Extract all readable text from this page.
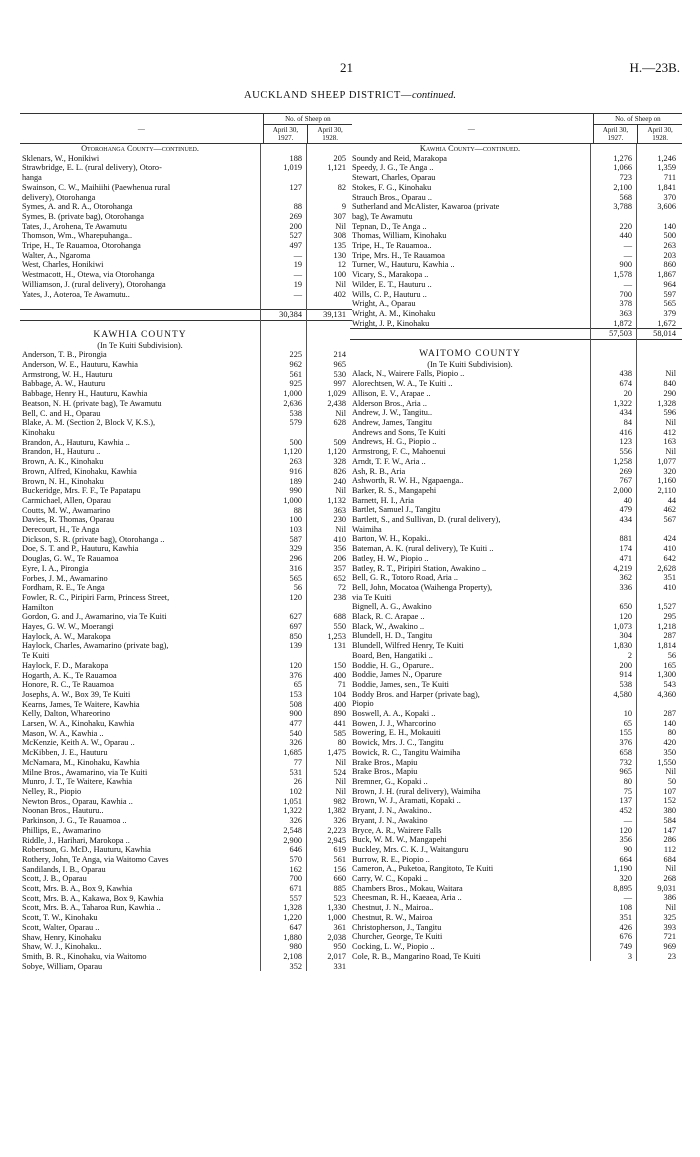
21	H.—23B.
AUCKLAND SHEEP DISTRICT—continued.
—	No. of Sheep on	
	April 30, 1927.	April 30, 1928.
Otorohanga County—continued.
Sklenars, W., Honikiwi	188	205
Strawbridge, E. L. (rural delivery), Otoro-	1,019	1,121
hanga
Swainson, C. W., Maihiihi (Paewhenua rural	127	82
delivery), Otorohanga
Symes, A. and R. A., Otorohanga	88	9
Symes, B. (private bag), Otorohanga	269	307
Tates, J., Arohena, Te Awamutu	200	Nil
Thomson, Wm., Wharepuhanga..	527	308
Tripe, H., Te Rauamoa, Otorohanga	497	135
Walter, A., Ngaroma	—	130
West, Charles, Honikiwi	19	12
Westmacott, H., Otewa, via Otorohanga	—	100
Williamson, J. (rural delivery), Otorohanga	19	Nil
Yates, J., Aoteroa, Te Awamutu..	—	402
30,384	39,131
KAWHIA COUNTY
(In Te Kuiti Subdivision).
Anderson, T. B., Pirongia	225	214
Anderson, W. E., Hauturu, Kawhia	962	965
Armstrong, W. H., Hauturu	561	530
Babbage, A. W., Hauturu	925	997
Babbage, Henry H., Hauturu, Kawhia	1,000	1,029
Beatson, N. H. (private bag), Te Awamutu	2,636	2,438
Bell, C. and H., Oparau	538	Nil
Blake, A. M. (Section 2, Block V, K.S.),	579	628
Kinohaku
Brandon, A., Hauturu, Kawhia ..	500	509
Brandon, H., Hauturu ..	1,120	1,120
Brown, A. K., Kinohaku	263	328
Brown, Alfred, Kinohaku, Kawhia	916	826
Brown, N. H., Kinohaku	189	240
Buckeridge, Mrs. F. F., Te Papatapu	990	Nil
Carmichael, Allen, Oparau	1,000	1,132
Coutts, M. W., Awamarino	88	363
Davies, R. Thomas, Oparau	100	230
Derecourt, H., Te Anga	103	Nil
Dickson, S. R. (private bag), Otorohanga ..	587	410
Doe, S. T. and P., Hauturu, Kawhia	329	356
Douglas, G. W., Te Rauamoa	296	206
Eyre, I. A., Pirongia	316	357
Forbes, J. M., Awamarino	565	652
Fordham, R. E., Te Anga	56	72
Fowler, R. C., Piripiri Farm, Princess Street,	120	238
Hamilton
Gordon, G. and J., Awamarino, via Te Kuiti	627	688
Hayes, G. W. W., Moerangi	697	550
Haylock, A. W., Marakopa	850	1,253
Haylock, Charles, Awamarino (private bag),	139	131
Te Kuiti
Haylock, F. D., Marakopa	120	150
Hogarth, A. K., Te Rauamoa	376	400
Honore, R. C., Te Rauamoa	65	71
Josephs, A. W., Box 39, Te Kuiti	153	104
Kearns, James, Te Waitere, Kawhia	508	400
Kelly, Dalton, Whareorino	900	890
Larsen, W. A., Kinohaku, Kawhia	477	441
Mason, W. A., Kawhia ..	540	585
McKenzie, Keith A. W., Oparau ..	326	80
McKibben, J. E., Hauturu	1,685	1,475
McNamara, M., Kinohaku, Kawhia	77	Nil
Milne Bros., Awamarino, via Te Kuiti	531	524
Munro, J. T., Te Waitere, Kawhia	26	Nil
Nelley, R., Piopio	102	Nil
Newton Bros., Oparau, Kawhia ..	1,051	982
Noonan Bros., Hauturu..	1,322	1,382
Parkinson, J. G., Te Rauamoa ..	326	326
Phillips, E., Awamarino	2,548	2,223
Riddle, J., Harihari, Marokopa ..	2,900	2,945
Robertson, G. McD., Hauturu, Kawhia	646	619
Rothery, John, Te Anga, via Waitomo Caves	570	561
Sandilands, I. B., Oparau	162	156
Scott, J. B., Oparau	700	660
Scott, Mrs. B. A., Box 9, Kawhia	671	885
Scott, Mrs. B. A., Kakawa, Box 9, Kawhia	557	523
Scott, Mrs. B. A., Taharoa Run, Kawhia ..	1,328	1,330
Scott, T. W., Kinohaku	1,220	1,000
Scott, Walter, Oparau ..	647	361
Shaw, Henry, Kinohaku	1,880	2,038
Shaw, W. J., Kinohaku..	980	950
Smith, B. R., Kinohaku, via Waitomo	2,108	2,017
Sobye, William, Oparau	352	331
—	No. of Sheep on	
	April 30, 1927.	April 30, 1928.
Kawhia County—continued.
Soundy and Reid, Marakopa	1,276	1,246
Speedy, J. G., Te Anga ..	1,066	1,359
Stewart, Charles, Oparau	723	711
Stokes, F. G., Kinohaku	2,100	1,841
Strauch Bros., Oparau ..	568	370
Sutherland and McAlister, Kawaroa (private	3,788	3,606
bag), Te Awamutu
Tepnan, D., Te Anga ..	220	140
Thomas, William, Kinohaku	440	500
Tripe, H., Te Rauamoa..	—	263
Tripe, Mrs. H., Te Rauamoa	—	203
Turner, W., Hauturu, Kawhia ..	900	860
Vicary, S., Marakopa ..	1,578	1,867
Wilder, E. T., Hauturu ..	—	964
Wills, C. P., Hauturu ..	700	597
Wright, A., Oparau	378	565
Wright, A. M., Kinohaku	363	379
Wright, J. P., Kinohaku	1,872	1,672
57,503	58,014
WAITOMO COUNTY
(In Te Kuiti Subdivision).
Alack, N., Wairere Falls, Piopio ..	438	Nil
Alorechtsen, W. A., Te Kuiti ..	674	840
Allison, E. V., Arapae ..	20	290
Alderson Bros., Aria ..	1,322	1,328
Andrew, J. W., Tangitu..	434	596
Andrew, James, Tangitu	84	Nil
Andrews and Sons, Te Kuiti	416	412
Andrews, H. G., Piopio ..	123	163
Armstrong, F. C., Mahoenui	556	Nil
Arndt, T. F. W., Aria ..	1,258	1,077
Ash, R. B., Aria	269	320
Ashworth, R. W. H., Ngapaenga..	767	1,160
Barker, R. S., Mangapehi	2,000	2,110
Barnett, H. I., Aria	40	44
Bartlet, Samuel J., Tangitu	479	462
Bartlett, S., and Sullivan, D. (rural delivery),	434	567
Waimiha
Barton, W. H., Kopaki..	881	424
Bateman, A. K. (rural delivery), Te Kuiti ..	174	410
Batley, H. W., Piopio ..	471	642
Batley, R. T., Piripiri Station, Awakino ..	4,219	2,628
Bell, G. R., Totoro Road, Aria ..	362	351
Bell, John, Mocatoa (Waihenga Property),	336	410
via Te Kuiti
Bignell, A. G., Awakino	650	1,527
Black, R. C. Arapae ..	120	295
Black, W., Awakino ..	1,073	1,218
Blundell, H. D., Tangitu	304	287
Blundell, Wilfred Henry, Te Kuiti	1,830	1,814
Board, Ben, Hangatiki ..	2	56
Boddie, H. G., Oparure..	200	165
Boddie, James N., Oparure	914	1,300
Boddie, James, sen., Te Kuiti	538	543
Boddy Bros. and Harper (private bag),	4,580	4,360
Piopio
Boswell, A. A., Kopaki ..	10	287
Bowen, J. J., Wharcorino	65	140
Bowering, E. H., Mokauiti	155	80
Bowick, Mrs. J. C., Tangitu	376	420
Bowick, R. C., Tangitu Waimiha	658	350
Brake Bros., Mapiu	732	1,550
Brake Bros., Mapiu	965	Nil
Bremner, G., Kopaki ..	80	50
Brown, J. H. (rural delivery), Waimiha	75	107
Brown, W. J., Aramati, Kopaki ..	137	152
Bryant, J. N., Awakino..	452	380
Bryant, J. N., Awakino	—	584
Bryce, A. R., Wairere Falls	120	147
Buck, W. M. W., Mangapehi	356	286
Buckley, Mrs. C. K. J., Waitanguru	90	112
Burrow, R. E., Piopio ..	664	684
Cameron, A., Puketoa, Rangitoto, Te Kuiti	1,190	Nil
Carry, W. C., Kopaki ..	320	268
Chambers Bros., Mokau, Waitara	8,895	9,031
Cheesman, R. H., Kaeaea, Aria ..	—	386
Chestnut, J. N., Mairoa..	108	Nil
Chestnut, R. W., Mairoa	351	325
Christopherson, J., Tangitu	426	393
Churcher, George, Te Kuiti	676	721
Cocking, L. W., Piopio ..	749	969
Cole, R. B., Mangarino Road, Te Kuiti	3	23
